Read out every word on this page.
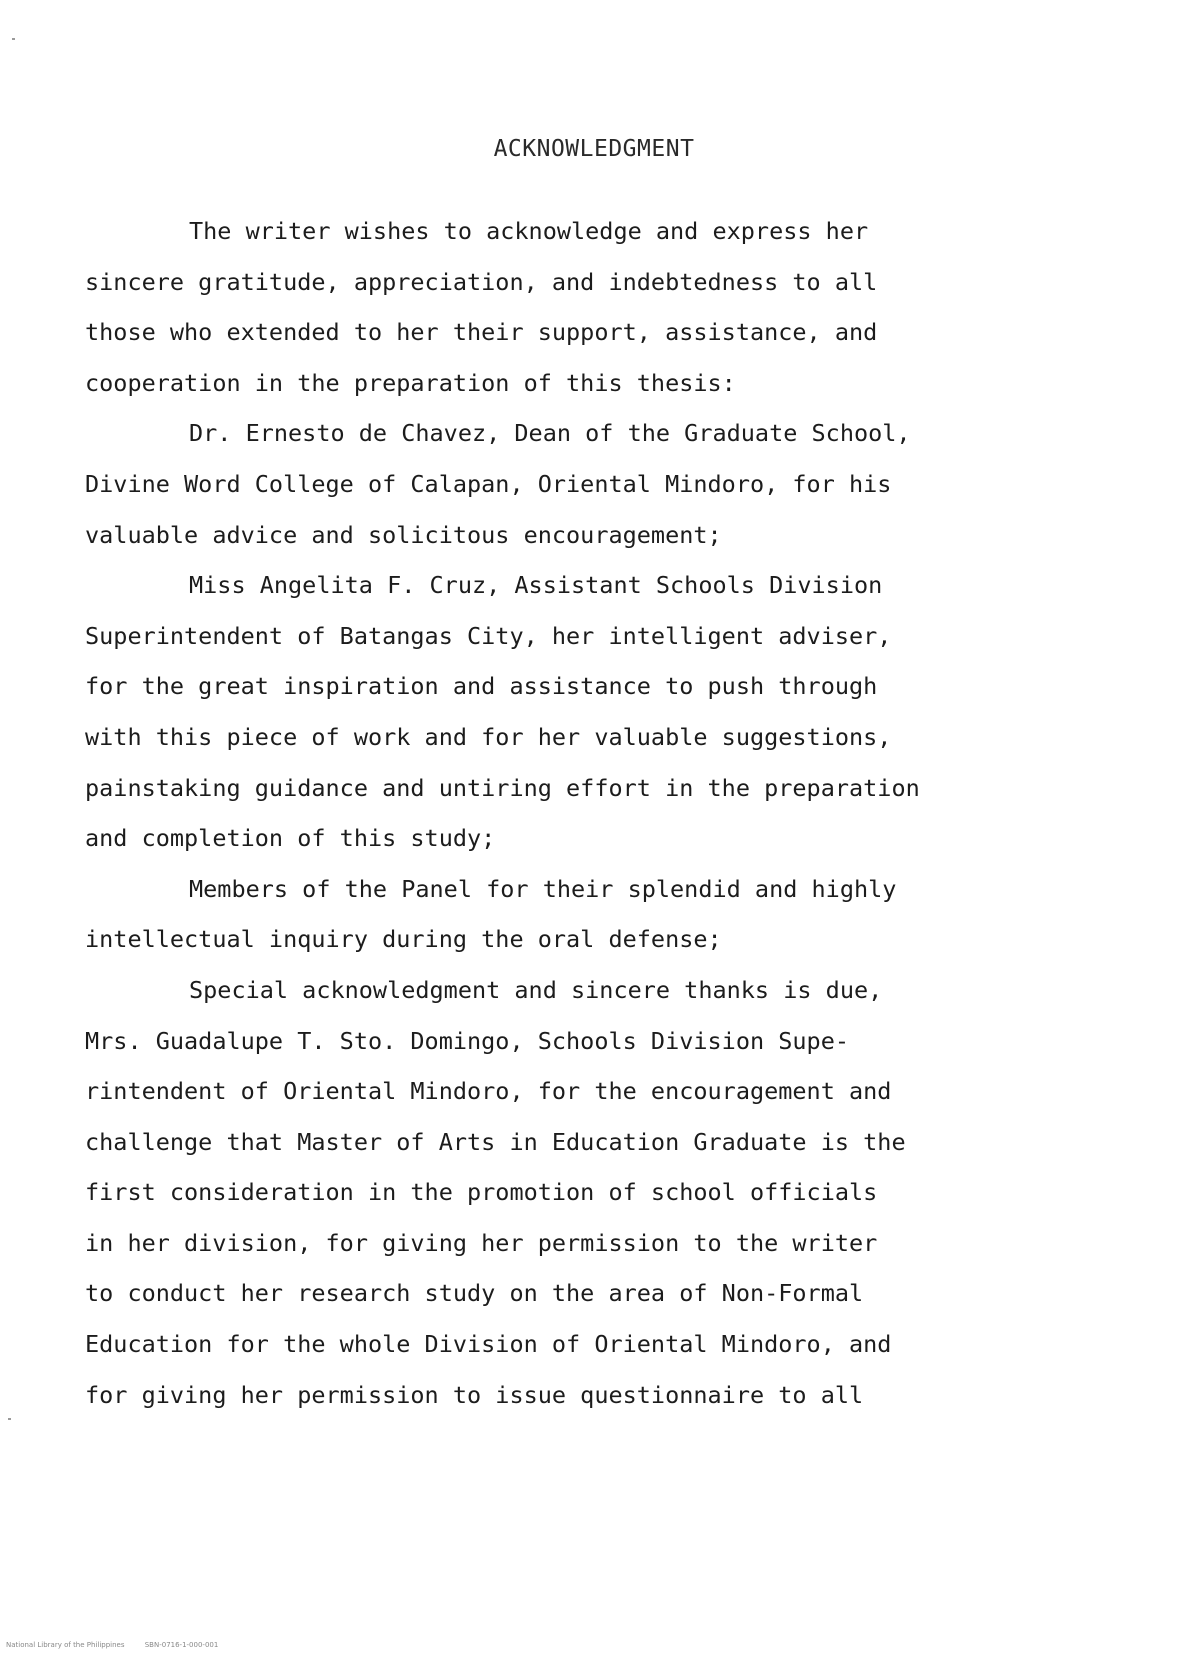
ACKNOWLEDGMENT
The writer wishes to acknowledge and express her
sincere gratitude, appreciation, and indebtedness to all
those who extended to her their support, assistance, and
cooperation in the preparation of this thesis:
Dr. Ernesto de Chavez, Dean of the Graduate School,
Divine Word College of Calapan, Oriental Mindoro, for his
valuable advice and solicitous encouragement;
Miss Angelita F. Cruz, Assistant Schools Division
Superintendent of Batangas City, her intelligent adviser,
for the great inspiration and assistance to push through
with this piece of work and for her valuable suggestions,
painstaking guidance and untiring effort in the preparation
and completion of this study;
Members of the Panel for their splendid and highly
intellectual inquiry during the oral defense;
Special acknowledgment and sincere thanks is due,
Mrs. Guadalupe T. Sto. Domingo, Schools Division Supe-
rintendent of Oriental Mindoro, for the encouragement and
challenge that Master of Arts in Education Graduate is the
first consideration in the promotion of school officials
in her division, for giving her permission to the writer
to conduct her research study on the area of Non-Formal
Education for the whole Division of Oriental Mindoro, and
for giving her permission to issue questionnaire to all
National Library of the Philippines	SBN-0716-1-000-001
